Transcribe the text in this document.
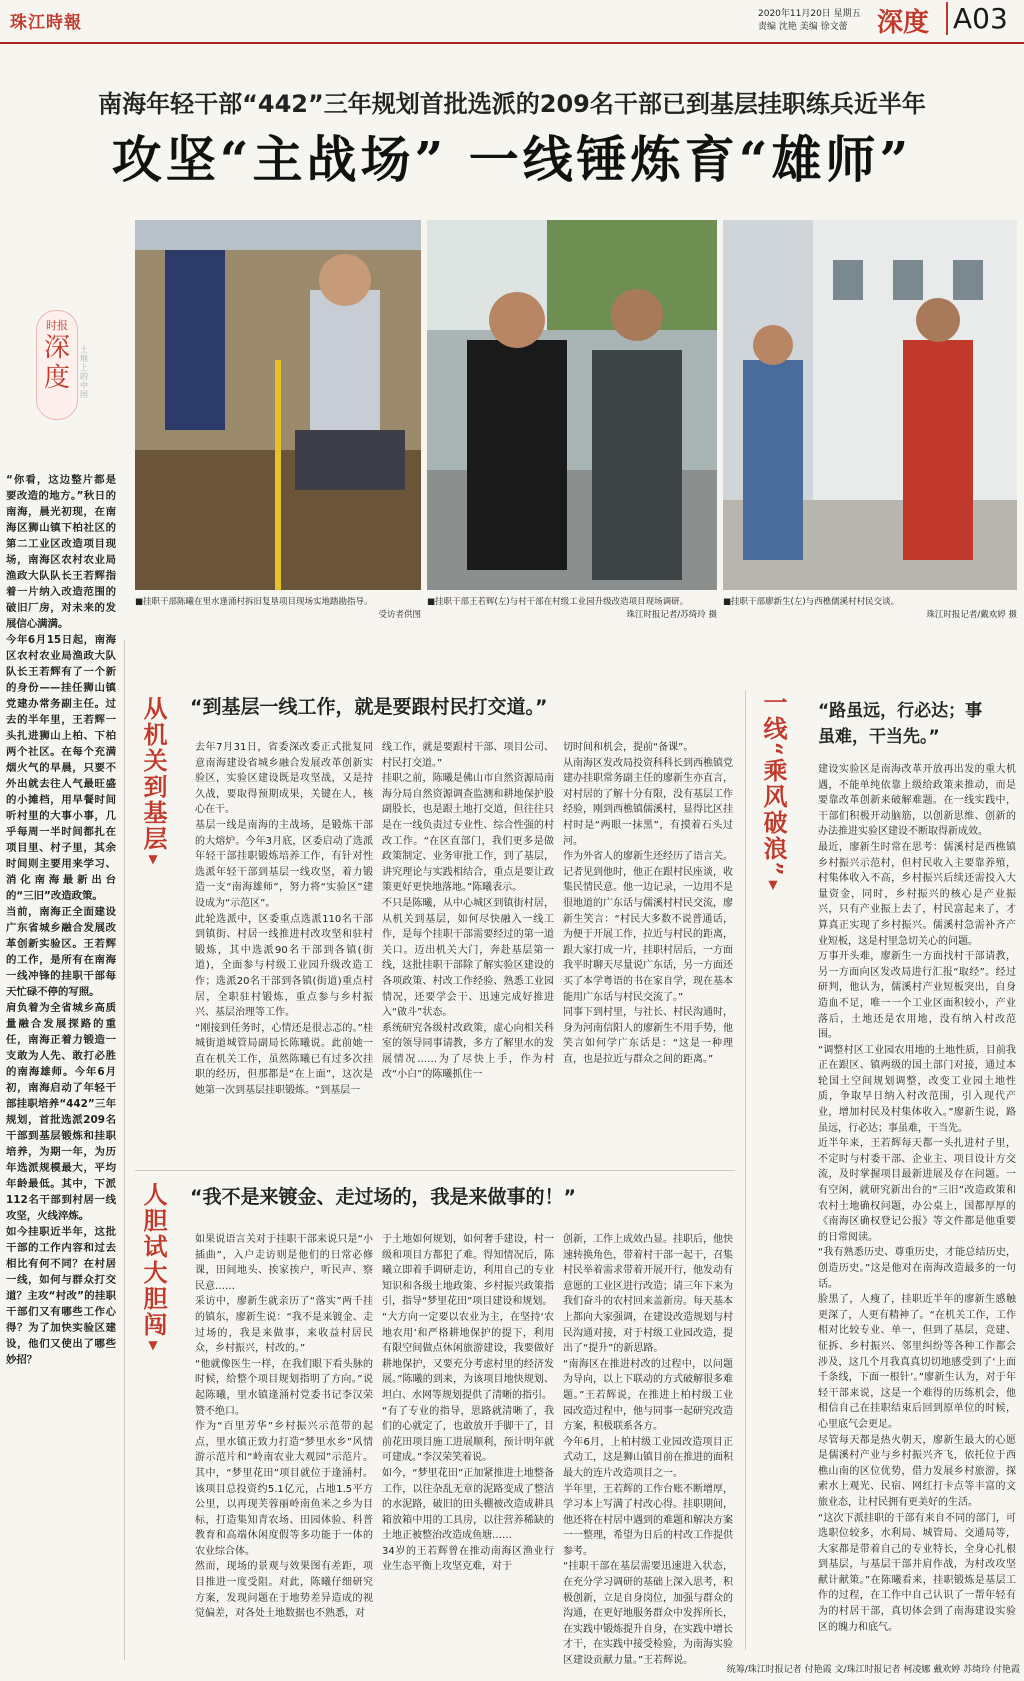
珠江時報	2020年11月20日 星期五
责编 沈艳 美编 徐文蕾	深度 A03
南海年轻干部“442”三年规划首批选派的209名干部已到基层挂职练兵近半年
攻坚“主战场” 一线锤炼育“雄师”
■挂职干部陈曦在里水逢涌村拆旧复垦项目现场实地踏勘指导。
受访者供图
■挂职干部王若辉(左)与村干部在村级工业园升级改造项目现场调研。
珠江时报记者/苏绮玲 摄
■挂职干部廖新生(左)与西樵儒溪村村民交谈。
珠江时报记者/戴欢婷 摄
时报
深度
土地上的中国
“你看，这边整片都是要改造的地方。”秋日的南海，晨光初现，在南海区狮山镇下柏社区的第二工业区改造项目现场，南海区农村农业局渔政大队队长王若辉指着一片纳入改造范围的破旧厂房，对未来的发展信心满满。
今年6月15日起，南海区农村农业局渔政大队队长王若辉有了一个新的身份——挂任狮山镇党建办常务副主任。过去的半年里，王若辉一头扎进狮山上柏、下柏两个社区。在每个充满烟火气的早晨，只要不外出就去往人气最旺盛的小摊档，用早餐时间听村里的大事小事，几乎每周一半时间都扎在项目里、村子里，其余时间则主要用来学习、消化南海最新出台的“三旧”改造政策。
当前，南海正全面建设广东省城乡融合发展改革创新实验区。王若辉的工作，是所有在南海一线冲锋的挂职干部每天忙碌不停的写照。
肩负着为全省城乡高质量融合发展探路的重任，南海正着力锻造一支敢为人先、敢打必胜的南海雄师。今年6月初，南海启动了年轻干部挂职培养“442”三年规划，首批选派209名干部到基层锻炼和挂职培养，为期一年，为历年选派规模最大，平均年龄最低。其中，下派112名干部到村居一线攻坚，火线淬炼。
如今挂职近半年，这批干部的工作内容和过去相比有何不同？在村居一线，如何与群众打交道？主攻“村改”的挂职干部们又有哪些工作心得？为了加快实验区建设，他们又使出了哪些妙招？
从机关到基层▼
“到基层一线工作，就是要跟村民打交道。”
去年7月31日，省委深改委正式批复同意南海建设省城乡融合发展改革创新实验区，实验区建设既是攻坚战，又是持久战，要取得预期成果，关键在人，核心在干。
基层一线是南海的主战场，是锻炼干部的大熔炉。今年3月底，区委启动了选派年轻干部挂职锻炼培养工作，有针对性选派年轻干部到基层一线攻坚，着力锻造一支“南海雄师”，努力将“实验区”建设成为“示范区”。
此轮选派中，区委重点选派110名干部到镇街、村居一线推进村改攻坚和驻村锻炼，其中选派90名干部到各镇(街道)，全面参与村级工业园升级改造工作；选派20名干部到各镇(街道)重点村居，全职驻村锻炼，重点参与乡村振兴、基层治理等工作。
“刚接到任务时，心情还是很忐忑的。”桂城街道城管局副局长陈曦说。此前她一直在机关工作，虽然陈曦已有过多次挂职的经历，但那都是“在上面”，这次是她第一次到基层挂职锻炼。“到基层一
线工作，就是要跟村干部、项目公司、村民打交道。”
挂职之前，陈曦是佛山市自然资源局南海分局自然资源调查监测和耕地保护股副股长，也是跟土地打交道，但往往只是在一线负责过专业性、综合性强的村改工作。“在区直部门，我们更多是做政策制定、业务审批工作，到了基层，讲究理论与实践相结合，重点是要让政策更好更快地落地。”陈曦表示。
不只是陈曦，从中心城区到镇街村居，从机关到基层，如何尽快融入一线工作，是每个挂职干部需要经过的第一道关口。迈出机关大门，奔赴基层第一线，这批挂职干部除了解实验区建设的各项政策、村改工作经验、熟悉工业园情况，还要学会干、迅速完成好推进入“啟斗”状态。
系统研究各级村改政策，虚心向相关科室的领导同事请教，多方了解里水的发展情况……为了尽快上手，作为村改“小白”的陈曦抓住一
切时间和机会，提前“备课”。
从南海区发改局投资科科长到西樵镇党建办挂职常务副主任的廖新生亦直言，对村居的了解十分有限，没有基层工作经验，刚到西樵镇儒溪村，显得比区挂村时是“两眼一抹黑”，有摸着石头过河。
作为外省人的廖新生还经历了语言关。记者见到他时，他正在跟村民座谈，收集民情民意。他一边记录，一边用不是很地道的广东话与儒溪村村民交流，廖新生笑言：“村民大多数不说普通话，为便于开展工作，拉近与村民的距离，跟大家打成一片，挂职村居后，一方面我平时聊天尽量说广东话，另一方面还买了本学粤语的书在家自学，现在基本能用广东话与村民交流了。”
同事下到村里，与社长、村民沟通时，身为河南信阳人的廖新生不用手势，他笑言如何学广东话是：“这是一种理直，也是拉近与群众之间的距离。”
一线“乘风破浪”▼
“路虽远，行必达；事虽难，干当先。”
建设实验区是南海改革开放再出发的重大机遇，不能单纯依靠上级给政策来推动，而是要靠改革创新来破解难题。在一线实践中，干部们积极开动脑筋，以创新思维、创新的办法推进实验区建设不断取得新成效。
最近，廖新生时常在思考：儒溪村是西樵镇乡村振兴示范村，但村民收入主要靠养殖，村集体收入不高，乡村振兴后续还需投入大量资金，同时，乡村振兴的核心是产业振兴，只有产业振上去了，村民富起来了，才算真正实现了乡村振兴。儒溪村急需补齐产业短板，这是村里急切关心的问题。
万事开头难，廖新生一方面找村干部请教，另一方面向区发改局进行汇报“取经”。经过研判，他认为，儒溪村产业短板突出，自身造血不足，唯一一个工业区面积较小，产业落后，土地还是农用地，没有纳入村改范围。
“调整村区工业园农用地的土地性质，目前我正在跟区、镇两级的国土部门对接，通过本轮国土空间规划调整，改变工业园土地性质，争取早日纳入村改范围，引入现代产业，增加村民及村集体收入。”廖新生说，路虽远，行必达；事虽难，干当先。
近半年来，王若辉每天都一头扎进村子里，不定时与村委干部、企业主、项目设计方交流，及时掌握项目最新进展及存在问题。一有空闲，就研究新出台的“三旧”改造政策和农村土地确权问题，办公桌上，国都厚厚的《南海区确权登记公报》等文件都是他重要的日常阅读。
“我有熟悉历史、尊重历史，才能总结历史，创造历史。”这是他对在南海改造最多的一句话。
脸黑了，人瘦了，挂职近半年的廖新生感触更深了，人更有精神了。“在机关工作，工作相对比较专业、单一，但到了基层，竞建、征拆、乡村振兴、邻里纠纷等各种工作都会涉及，这几个月我真真切切地感受到了‘上面千条线，下面一根针’。”廖新生认为，对于年轻干部来说，这是一个难得的历练机会，他相信自己在挂职结束后回到原单位的时候，心里底气会更足。
尽管每天都是热火朝天，廖新生最大的心愿是儒溪村产业与乡村振兴齐飞，依托位于西樵山南的区位优势，借力发展乡村旅游，探索水上观光、民宿、网红打卡点等丰富的文旅业态，让村民拥有更美好的生活。
“这次下派挂职的干部有来自不同的部门，可选职位较多，水利局、城管局、交通局等，大家都是带着自己的专业特长，全身心扎根到基层，与基层干部并肩作战，为村改攻坚献计献策。”在陈曦看来，挂职锻炼是基层工作的过程，在工作中自己认识了一帮年轻有为的村居干部，真切体会到了南海建设实验区的魄力和底气。
人胆试大胆闯▼
“我不是来镀金、走过场的，我是来做事的！”
如果说语言关对于挂职干部来说只是“小插曲”，入户走访则是他们的日常必修课，田间地头、挨家挨户，听民声、察民意……
采访中，廖新生就亲历了“落实”两千挂的镇东，廖新生说：“我不是来镀金、走过场的，我是来做事，来收益村居民众，乡村振兴，村改的。”
“他就像医生一样，在我们眼下看头脉的时候，给整个项目规划指明了方向。”说起陈曦，里水镇逢涌村党委书记李汉荣赞不绝口。
作为“百里芳华”乡村振兴示范带的起点，里水镇正致力打造“梦里水乡”风情游示范片和“岭南农业大观园”示范片。其中，“梦里花田”项目就位于逢涌村。该项目总投资约5.1亿元，占地1.5平方公里，以再现芙蓉丽岭南鱼米之乡为目标，打造集知青农场、田园体验、科普教育和高端休闲度假等多功能于一体的农业综合体。
然而，现场的景观与效果图有差距，项目推进一度受阻。对此，陈曦仔细研究方案，发现问题在于地势差异造成的视觉偏差，对各处土地数据也不熟悉，对
于土地如何规划，如何奢手建设，村一级和项目方都犯了难。得知情况后，陈曦立即着手调研走访，利用自己的专业知识和各级土地政策、乡村振兴政策指引，指导“梦里花田”项目建设和规划。
“大方向一定要以农业为主，在坚持‘农地农用’和严格耕地保护的提下，利用有限空间做点休闲旅游建设，我要做好耕地保护，又要充分考虑村里的经济发展。”陈曦的到来，为该项目地快规划、坦白、水网等规划提供了清晰的指引。
“有了专业的指导，思路就清晰了，我们的心就定了，也敢放开手脚干了，目前花田项目施工进展顺利，预计明年就可建成。”李汉荣笑着说。
如今，“梦里花田”正加紧推进土地整备工作，以往杂乱无章的泥路变成了整洁的水泥路，破旧的田头棚被改造成耕具箱放箱中用的工具房，以往营养稀缺的土地正被整治改造成鱼塘……
34岁的王若辉曾在推动南海区渔业行业生态平衡上攻坚克难，对于
创新，工作上成效凸显。挂职后，他快速转换角色，带着村干部一起干，召集村民举着需求带着开展开行，他发动有意愿的工业区进行改造；请三年下来为我们奋斗的农村回来盖新房。每天基本上都向大家强调，在建设改造规划与村民沟通对接，对于村级工业园改造，提出了“提升”的新思路。
“南海区在推进村改的过程中，以问题为导向，以上下联动的方式破解很多难题。”王若辉说，在推进上柏村级工业园改造过程中，他与同事一起研究改造方案，积极联系各方。
今年6月，上柏村级工业园改造项目正式动工，这是狮山镇目前在推进的面积最大的连片改造项目之一。
半年里，王若辉的工作台账不断增厚，学习本上写满了村改心得。挂职期间，他还将在村居中遇到的难题和解决方案一一整理，希望为日后的村改工作提供参考。
“挂职干部在基层需要迅速进入状态，在充分学习调研的基础上深入思考，积极创新，立足自身岗位，加强与群众的沟通，在更好地服务群众中发挥所长，在实践中锻炼提升自身，在实践中增长才干，在实践中接受检验，为南海实验区建设贡献力量。”王若辉说。
统筹/珠江时报记者 付艳霞 文/珠江时报记者 柯凌娜 戴欢婷 苏绮玲 付艳霞
